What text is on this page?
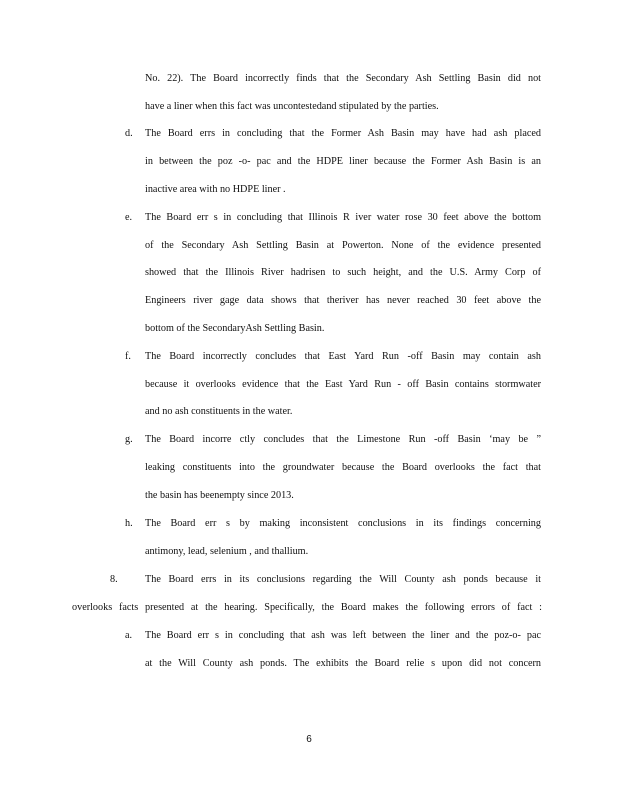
No. 22). The Board incorrectly finds that the Secondary Ash Settling Basin did not
have a liner when this fact was uncontestedand stipulated by the parties.
d. The Board errs in concluding that the Former Ash Basin may have had ash placed
in between the poz -o- pac and the HDPE liner because the Former Ash Basin is an
inactive area with no HDPE liner .
e. The Board err s in concluding that Illinois R iver water rose 30 feet above the bottom
of the Secondary Ash Settling Basin at Powerton. None of the evidence presented
showed that the Illinois River hadrisen to such height, and the U.S. Army Corp of
Engineers river gage data shows that theriver has never reached 30 feet above the
bottom of the SecondaryAsh Settling Basin.
f. The Board incorrectly concludes that East Yard Run -off Basin may contain ash
because it overlooks evidence that the East Yard Run - off Basin contains stormwater
and no ash constituents in the water.
g. The Board incorre ctly concludes that the Limestone Run -off Basin ‘may be ”
leaking constituents into the groundwater because the Board overlooks the fact that
the basin has beenempty since 2013.
h. The Board err s by making inconsistent conclusions in its findings concerning
antimony, lead, selenium , and thallium.
8.	The Board errs in its conclusions regarding the Will County ash ponds because it
overlooks facts presented at the hearing. Specifically, the Board makes the following errors of fact :
a. The Board err s in concluding that ash was left between the liner and the poz-o- pac
at the Will County ash ponds. The exhibits the Board relie s upon did not concern
6
